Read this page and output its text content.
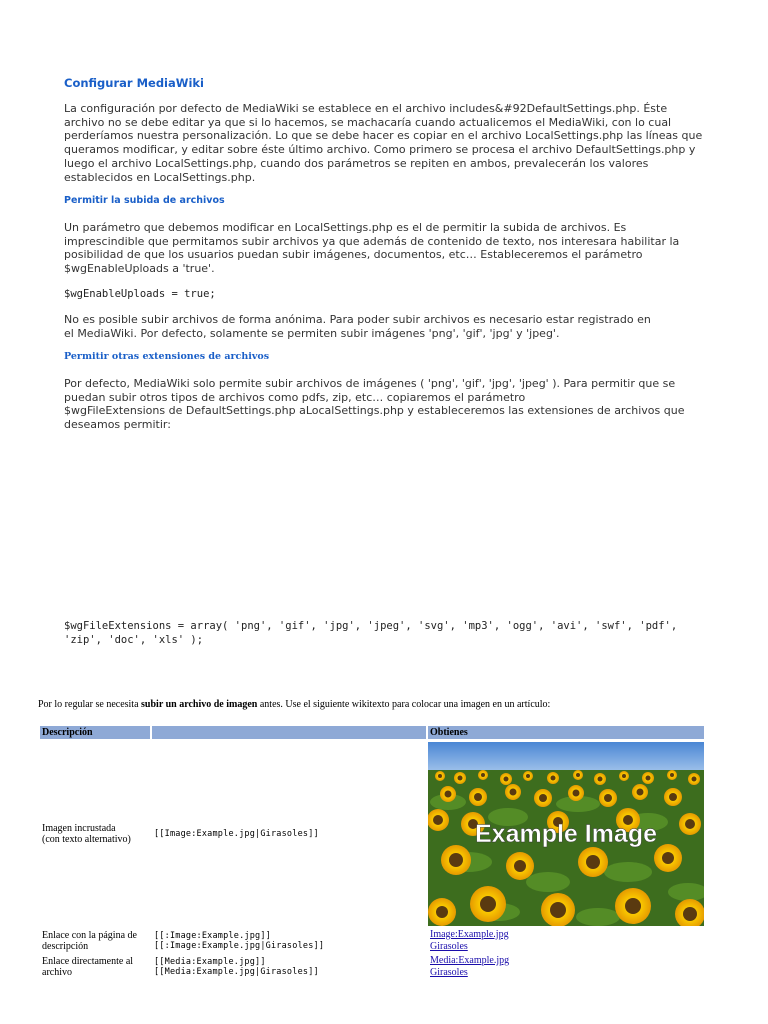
Configurar MediaWiki
La configuración por defecto de MediaWiki se establece en el archivo includes&#92DefaultSettings.php. Éste
archivo no se debe editar ya que si lo hacemos, se machacaría cuando actualicemos el MediaWiki, con lo cual
perderíamos nuestra personalización. Lo que se debe hacer es copiar en el archivo LocalSettings.php las líneas que
queramos modificar, y editar sobre éste último archivo. Como primero se procesa el archivo DefaultSettings.php y
luego el archivo LocalSettings.php, cuando dos parámetros se repiten en ambos, prevalecerán los valores
establecidos en LocalSettings.php.
Permitir la subida de archivos
Un parámetro que debemos modificar en LocalSettings.php es el de permitir la subida de archivos. Es
imprescindible que permitamos subir archivos ya que además de contenido de texto, nos interesara habilitar la
posibilidad de que los usuarios puedan subir imágenes, documentos, etc… Estableceremos el parámetro
$wgEnableUploads a 'true'.
$wgEnableUploads = true;
No es posible subir archivos de forma anónima. Para poder subir archivos es necesario estar registrado en
el MediaWiki. Por defecto, solamente se permiten subir imágenes 'png', 'gif', 'jpg' y 'jpeg'.
Permitir otras extensiones de archivos
Por defecto, MediaWiki solo permite subir archivos de imágenes ( 'png', 'gif', 'jpg', 'jpeg' ). Para permitir que se
puedan subir otros tipos de archivos como pdfs, zip, etc… copiaremos el parámetro
$wgFileExtensions de DefaultSettings.php aLocalSettings.php y estableceremos las extensiones de archivos que
deseamos permitir:
$wgFileExtensions = array( 'png', 'gif', 'jpg', 'jpeg', 'svg', 'mp3', 'ogg', 'avi', 'swf', 'pdf',
'zip', 'doc', 'xls' );
Por lo regular se necesita subir un archivo de imagen antes. Use el siguiente wikitexto para colocar una imagen en un artículo:
Descripción		Obtienes

Imagen incrustada
(con texto alternativo)	[[Image:Example.jpg|Girasoles]]	Example Image

Enlace con la página de
descripción	[[:Image:Example.jpg]]
[[:Image:Example.jpg|Girasoles]]	Image:Example.jpg
Girasoles

Enlace directamente al
archivo	[[Media:Example.jpg]]
[[Media:Example.jpg|Girasoles]]	Media:Example.jpg
Girasoles
